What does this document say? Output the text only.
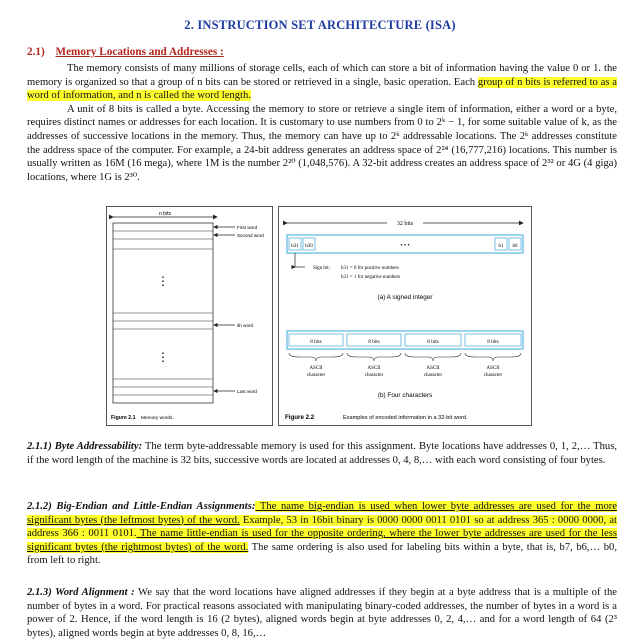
2. INSTRUCTION SET ARCHITECTURE (ISA)
2.1) Memory Locations and Addresses :

The memory consists of many millions of storage cells, each of which can store a bit of information having the value 0 or 1. the memory is organized so that a group of n bits can be stored or retrieved in a single, basic operation. Each group of n bits is referred to as a word of information, and n is called the word length.

A unit of 8 bits is called a byte. Accessing the memory to store or retrieve a single item of information, either a word or a byte, requires distinct names or addresses for each location. It is customary to use numbers from 0 to 2ᵏ − 1, for some suitable value of k, as the addresses of successive locations in the memory. Thus, the memory can have up to 2ᵏ addressable locations. The 2ᵏ addresses constitute the address space of the computer. For example, a 24-bit address generates an address space of 2²⁴ (16,777,216) locations. This number is usually written as 16M (16 mega), where 1M is the number 2²⁰ (1,048,576). A 32-bit address creates an address space of 2³² or 4G (4 giga) locations, where 1G is 2³⁰.

n bits
⋮
⋮
First word
Second word
ith word
Last word
Figure 2.1 Memory words.
32 bits
b31 b30	• • •	b1 b0
Sign bit: b31 = 0 for positive numbers
b31 = 1 for negative numbers
(a) A signed integer
8 bits	8 bits	8 bits	8 bits
ASCII
character
ASCII
character
ASCII
character
ASCII
character
(b) Four characters
Figure 2.2	Examples of encoded information in a 32-bit word.
2.1.1) Byte Addressability: The term byte-addressable memory is used for this assignment. Byte locations have addresses 0, 1, 2,… Thus, if the word length of the machine is 32 bits, successive words are located at addresses 0, 4, 8,… with each word consisting of four bytes.
2.1.2) Big-Endian and Little-Endian Assignments: The name big-endian is used when lower byte addresses are used for the more significant bytes (the leftmost bytes) of the word. Example, 53 in 16bit binary is 0000 0000 0011 0101 so at address 365 : 0000 0000, at address 366 : 0011 0101. The name little-endian is used for the opposite ordering, where the lower byte addresses are used for the less significant bytes (the rightmost bytes) of the word. The same ordering is also used for labeling bits within a byte, that is, b7, b6,… b0, from left to right.
2.1.3) Word Alignment : We say that the word locations have aligned addresses if they begin at a byte address that is a multiple of the number of bytes in a word. For practical reasons associated with manipulating binary-coded addresses, the number of bytes in a word is a power of 2. Hence, if the word length is 16 (2 bytes), aligned words begin at byte addresses 0, 2, 4,… and for a word length of 64 (2³ bytes), aligned words begin at byte addresses 0, 8, 16,…
